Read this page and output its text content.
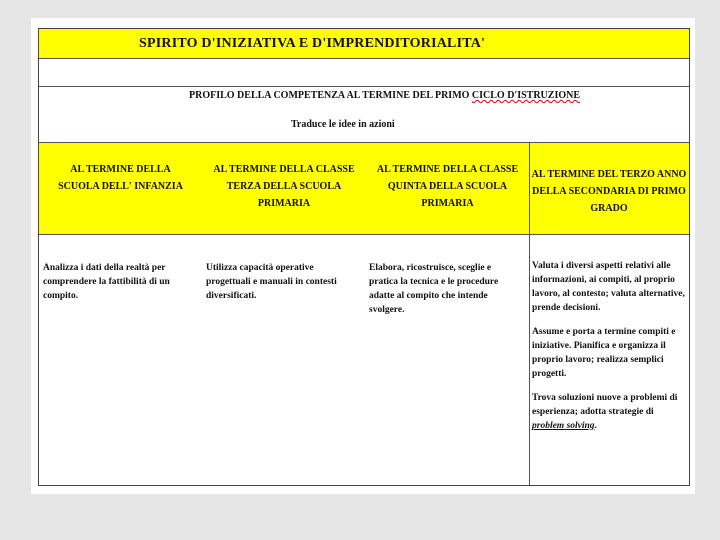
SPIRITO D'INIZIATIVA E D'IMPRENDITORIALITA'
PROFILO DELLA COMPETENZA AL TERMINE DEL PRIMO CICLO D'ISTRUZIONE
Traduce le idee in azioni
AL TERMINE DELLA
SCUOLA DELL' INFANZIA
AL TERMINE DELLA CLASSE
TERZA DELLA SCUOLA
PRIMARIA
AL TERMINE DELLA CLASSE
QUINTA DELLA SCUOLA
PRIMARIA
AL TERMINE DEL TERZO ANNO
DELLA SECONDARIA DI PRIMO
GRADO

Analizza i dati della realtà per comprendere la fattibilità di un compito.

Utilizza capacità operative progettuali e manuali in contesti diversificati.

Elabora, ricostruisce, sceglie e pratica la tecnica e le procedure adatte al compito che intende svolgere.

Valuta i diversi aspetti relativi alle informazioni, ai compiti, al proprio lavoro, al contesto; valuta alternative, prende decisioni.

Assume e porta a termine compiti e iniziative. Pianifica e organizza il proprio lavoro; realizza semplici progetti.

Trova soluzioni nuove a problemi di esperienza; adotta strategie di problem solving.
